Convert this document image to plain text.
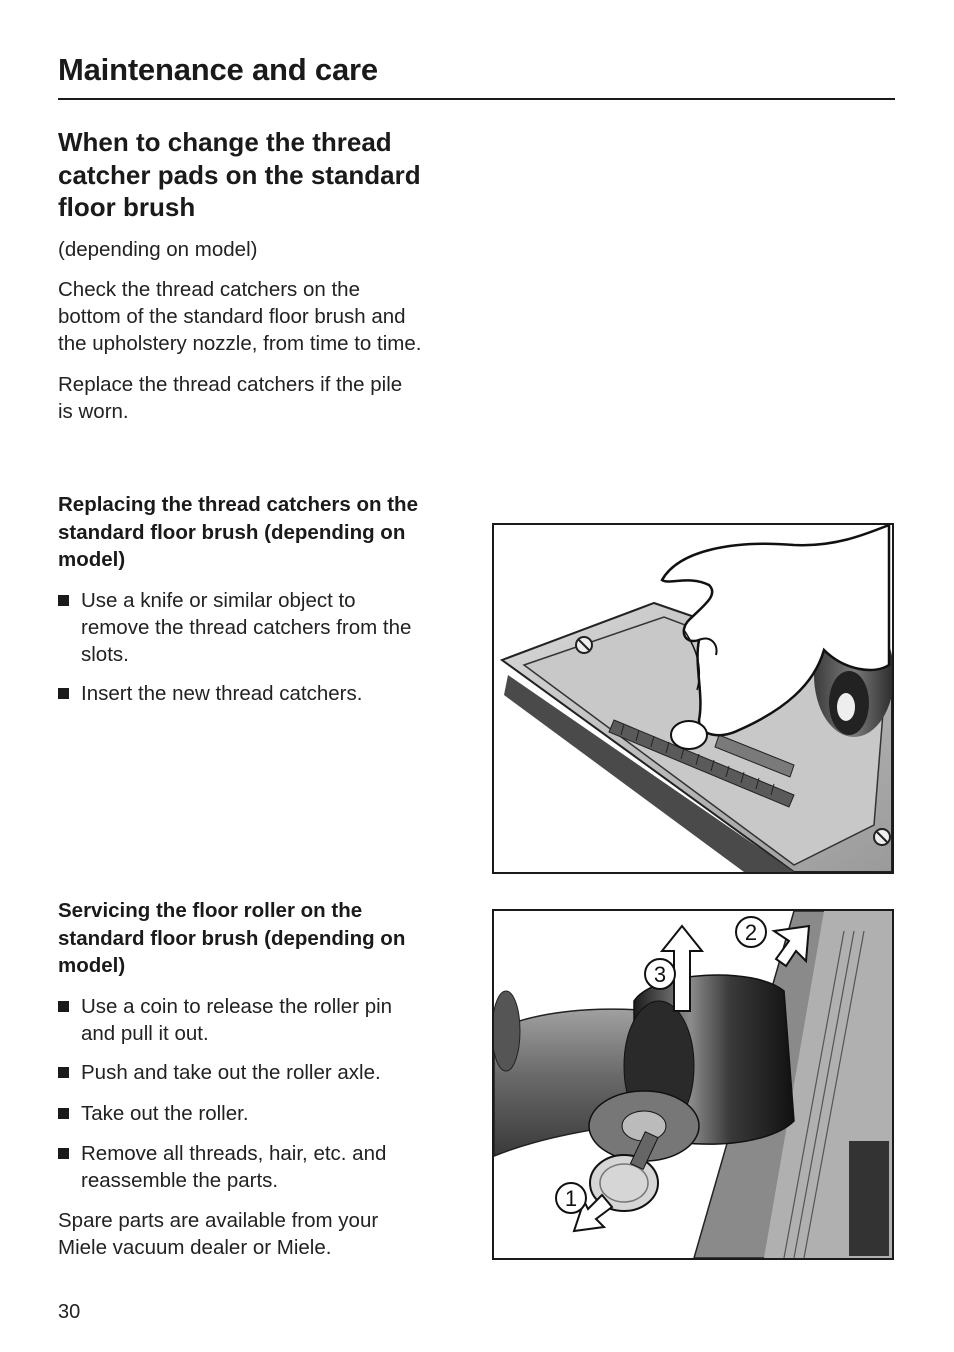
Maintenance and care
When to change the thread
catcher pads on the standard
floor brush

(depending on model)

Check the thread catchers on the
bottom of the standard floor brush and
the upholstery nozzle, from time to time.

Replace the thread catchers if the pile
is worn.

Replacing the thread catchers on the
standard floor brush (depending on
model)
Use a knife or similar object to
remove the thread catchers from the
slots.
Insert the new thread catchers.
Servicing the floor roller on the
standard floor brush (depending on
model)
Use a coin to release the roller pin
and pull it out.
Push and take out the roller axle.
Take out the roller.
Remove all threads, hair, etc. and
reassemble the parts.

Spare parts are available from your
Miele vacuum dealer or Miele.

2
3
1
30
